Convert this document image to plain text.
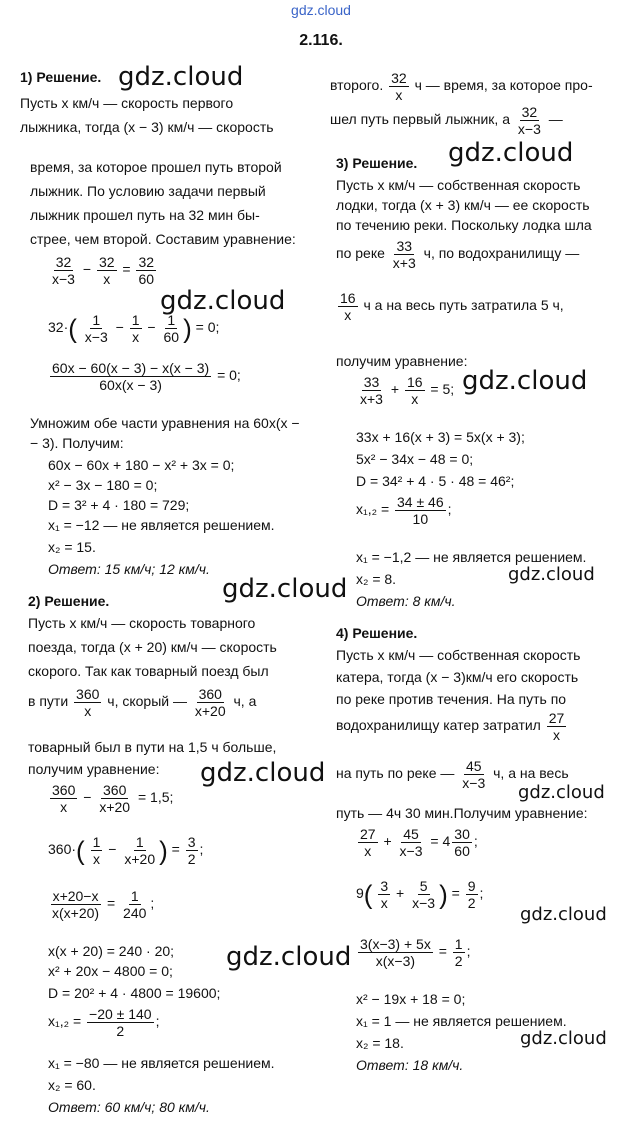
gdz.cloud
2.116.
1) Решение.
Пусть x км/ч — скорость первого
лыжника, тогда (x − 3) км/ч — скорость
время, за которое прошел путь второй
лыжник. По условию задачи первый
лыжник прошел путь на 32 мин бы-
стрее, чем второй. Составим уравнение:
$\frac{32}{x-3} - \frac{32}{x} = \frac{32}{60}$
$32\cdot( \frac{1}{x-3} - \frac{1}{x} - \frac{1}{60}$ ) = 0;
$\frac{60x - 60(x - 3) - x(x - 3)}{60x(x - 3)} = 0$;
Умножим обе части уравнения на 60x(x −
− 3). Получим:
60x − 60x + 180 − x² + 3x = 0;
x² − 3x − 180 = 0;
D = 3² + 4 · 180 = 729;
x₁ = −12 — не является решением.
x₂ = 15.
Ответ: 15 км/ч; 12 км/ч.
2) Решение.
Пусть x км/ч — скорость товарного
поезда, тогда (x + 20) км/ч — скорость
скорого. Так как товарный поезд был
в пути $\frac{360}{x} ч$, скорый — $\frac{360}{x+20} ч$, а
товарный был в пути на 1,5 ч больше,
получим уравнение:
$\frac{360}{x} - \frac{360}{x+20} = 1,5$;
$360\cdot( \frac{1}{x} - \frac{1}{x+20}$ ) = $\frac{3}{2}$ ;
$\frac{x+20-x}{x(x+20)} = \frac{1}{240}$ ;
x(x + 20) = 240 · 20;
x² + 20x − 4800 = 0;
D = 20² + 4 · 4800 = 19600;
$x_1,_2 = \frac{-20 \pm 140}{2}$ ;
x₁ = −80 — не является решением.
x₂ = 60.
Ответ: 60 км/ч; 80 км/ч.
второго. $\frac{32}{x}$ ч — время, за которое про-
шел путь первый лыжник, а $\frac{32}{x-3}$ —
3) Решение.
Пусть x км/ч — собственная скорость
лодки, тогда (x + 3) км/ч — ее скорость
по течению реки. Поскольку лодка шла
по реке $\frac{33}{x+3} ч$, по водохранилищу —
$\frac{16}{x}$ ч а на весь путь затратила 5 ч,
получим уравнение:
$\frac{33}{x+3} + \frac{16}{x} = 5$;
33x + 16(x + 3) = 5x(x + 3);
5x² − 34x − 48 = 0;
D = 34² + 4 · 5 · 48 = 46²;
$x_1,_2 = \frac{34 \pm 46}{10}$ ;
x₁ = −1,2 — не является решением.
x₂ = 8.
Ответ: 8 км/ч.
4) Решение.
Пусть x км/ч — собственная скорость
катера, тогда (x − 3)км/ч его скорость
по реке против течения. На путь по
водохранилищу катер затратил $\frac{27}{x}$
на путь по реке — $\frac{45}{x-3} ч$, а на весь
путь — 4ч 30 мин.Получим уравнение:
$\frac{27}{x} + \frac{45}{x-3} = 4 \frac{30}{60}$ ;
$9( \frac{3}{x} + \frac{5}{x-3}$ ) = $\frac{9}{2}$ ;
$\frac{3(x-3) + 5x}{x(x-3)} = \frac{1}{2}$ ;
x² − 19x + 18 = 0;
x₁ = 1 — не является решением.
x₂ = 18.
Ответ: 18 км/ч.
gdz.cloud
gdz.cloud
gdz.cloud
gdz.cloud
gdz.cloud
gdz.cloud
gdz.cloud
gdz.cloud
gdz.cloud
gdz.cloud
gdz.cloud
